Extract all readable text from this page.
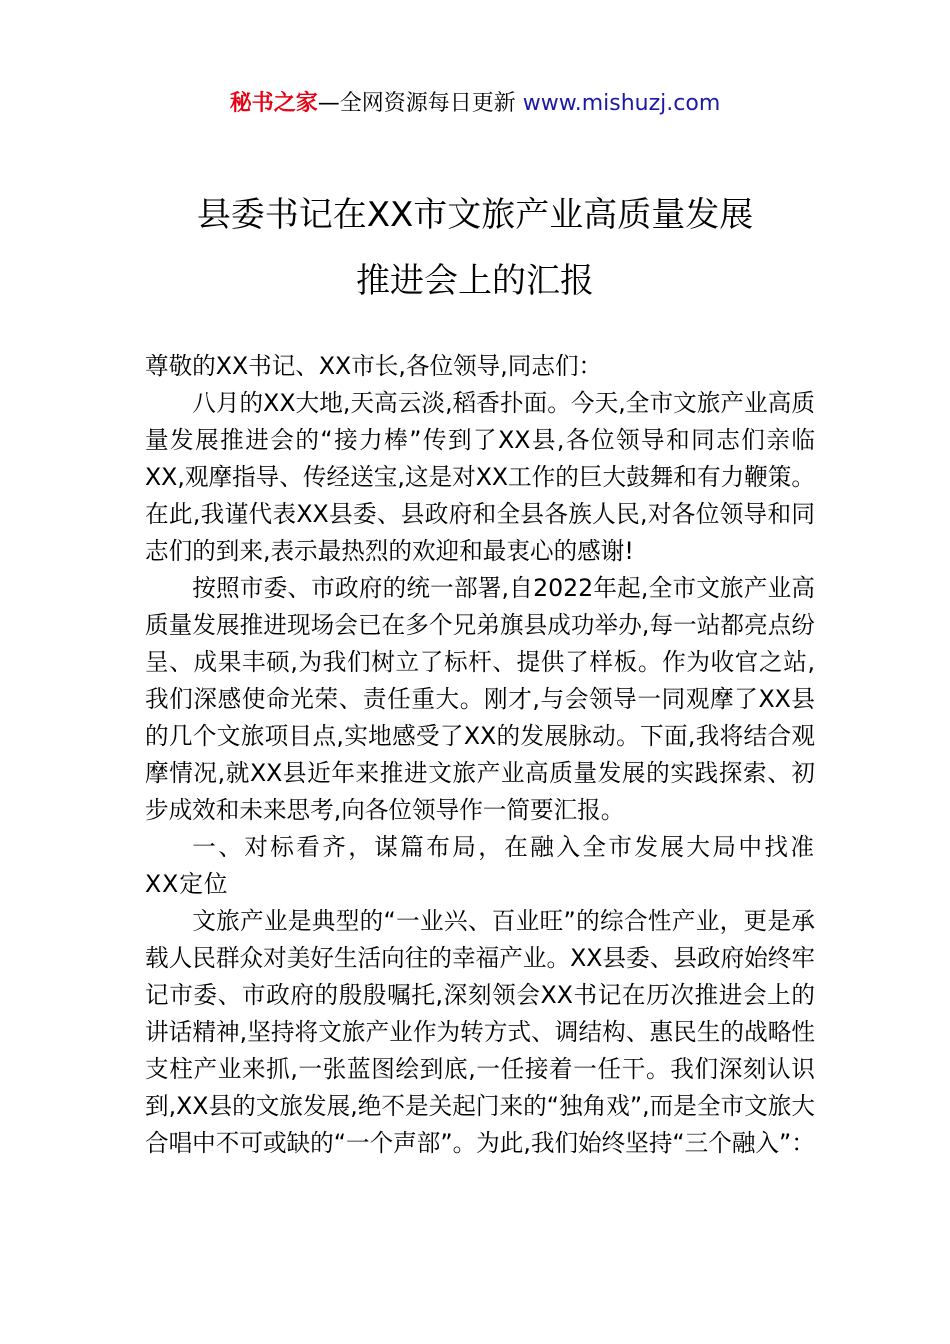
秘书之家—全网资源每日更新 www.mishuzj.com
县委书记在XX市文旅产业高质量发展
推进会上的汇报

尊敬的XX书记、XX市长,各位领导,同志们：

八月的XX大地,天高云淡,稻香扑面。今天,全市文旅产业高质量发展推进会的“接力棒”传到了XX县,各位领导和同志们亲临XX,观摩指导、传经送宝,这是对XX工作的巨大鼓舞和有力鞭策。在此,我谨代表XX县委、县政府和全县各族人民,对各位领导和同志们的到来,表示最热烈的欢迎和最衷心的感谢!

按照市委、市政府的统一部署,自2022年起,全市文旅产业高质量发展推进现场会已在多个兄弟旗县成功举办,每一站都亮点纷呈、成果丰硕,为我们树立了标杆、提供了样板。作为收官之站,我们深感使命光荣、责任重大。刚才,与会领导一同观摩了XX县的几个文旅项目点,实地感受了XX的发展脉动。下面,我将结合观摩情况,就XX县近年来推进文旅产业高质量发展的实践探索、初步成效和未来思考,向各位领导作一简要汇报。

一、对标看齐，谋篇布局，在融入全市发展大局中找准XX定位

文旅产业是典型的“一业兴、百业旺”的综合性产业，更是承载人民群众对美好生活向往的幸福产业。XX县委、县政府始终牢记市委、市政府的殷殷嘱托,深刻领会XX书记在历次推进会上的讲话精神,坚持将文旅产业作为转方式、调结构、惠民生的战略性支柱产业来抓,一张蓝图绘到底,一任接着一任干。我们深刻认识到,XX县的文旅发展,绝不是关起门来的“独角戏”,而是全市文旅大合唱中不可或缺的“一个声部”。为此,我们始终坚持“三个融入”：
